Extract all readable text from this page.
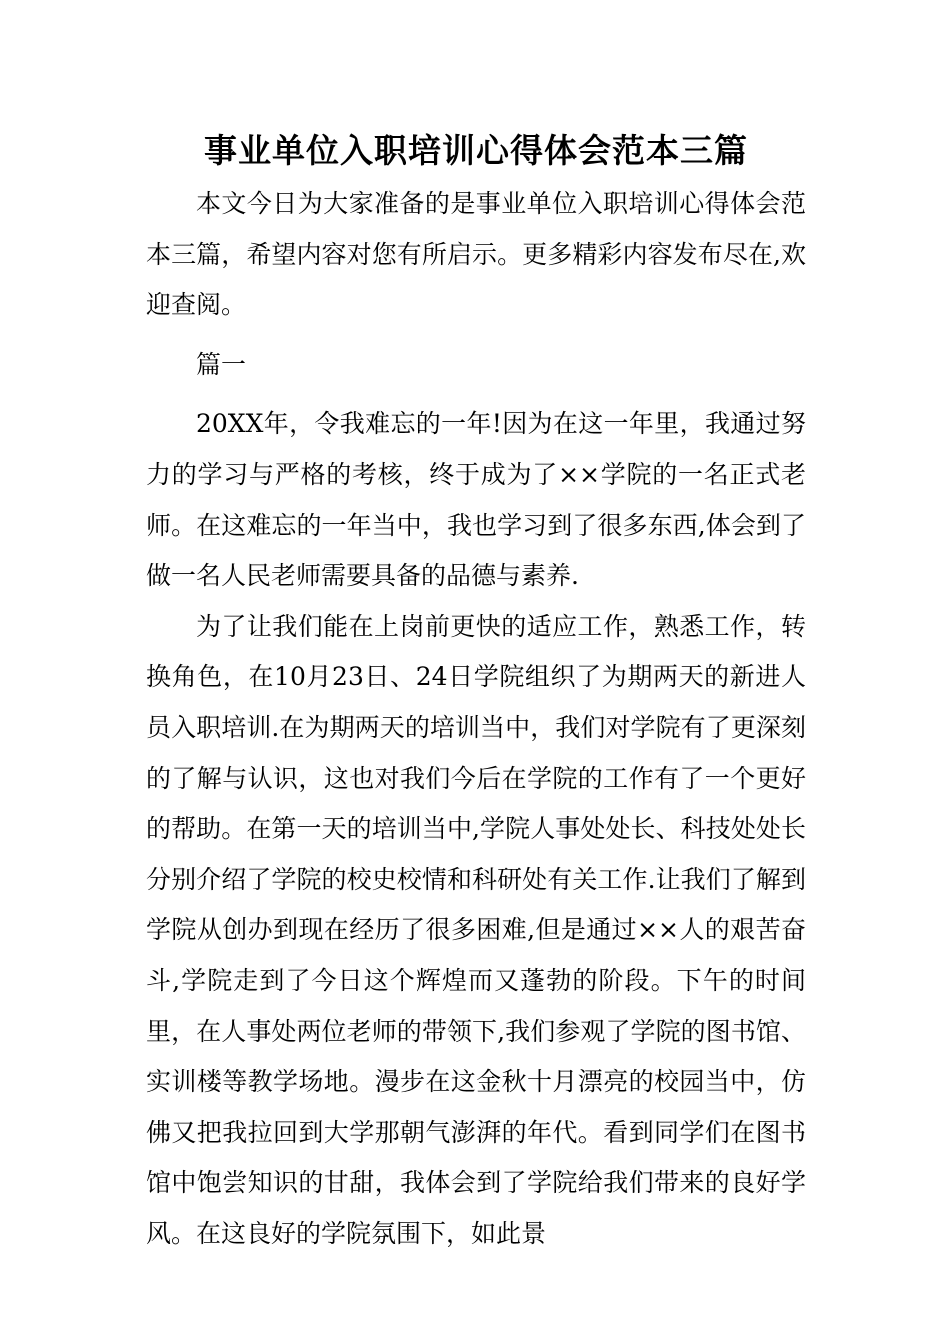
事业单位入职培训心得体会范本三篇

本文今日为大家准备的是事业单位入职培训心得体会范本三篇，希望内容对您有所启示。更多精彩内容发布尽在,欢迎查阅。

篇一

20XX年，令我难忘的一年!因为在这一年里，我通过努力的学习与严格的考核，终于成为了××学院的一名正式老师。在这难忘的一年当中，我也学习到了很多东西,体会到了做一名人民老师需要具备的品德与素养.

为了让我们能在上岗前更快的适应工作，熟悉工作，转换角色，在10月23日、24日学院组织了为期两天的新进人员入职培训.在为期两天的培训当中，我们对学院有了更深刻的了解与认识，这也对我们今后在学院的工作有了一个更好的帮助。在第一天的培训当中,学院人事处处长、科技处处长分别介绍了学院的校史校情和科研处有关工作.让我们了解到学院从创办到现在经历了很多困难,但是通过××人的艰苦奋斗,学院走到了今日这个辉煌而又蓬勃的阶段。下午的时间里，在人事处两位老师的带领下,我们参观了学院的图书馆、实训楼等教学场地。漫步在这金秋十月漂亮的校园当中，仿佛又把我拉回到大学那朝气澎湃的年代。看到同学们在图书馆中饱尝知识的甘甜，我体会到了学院给我们带来的良好学风。在这良好的学院氛围下，如此景
